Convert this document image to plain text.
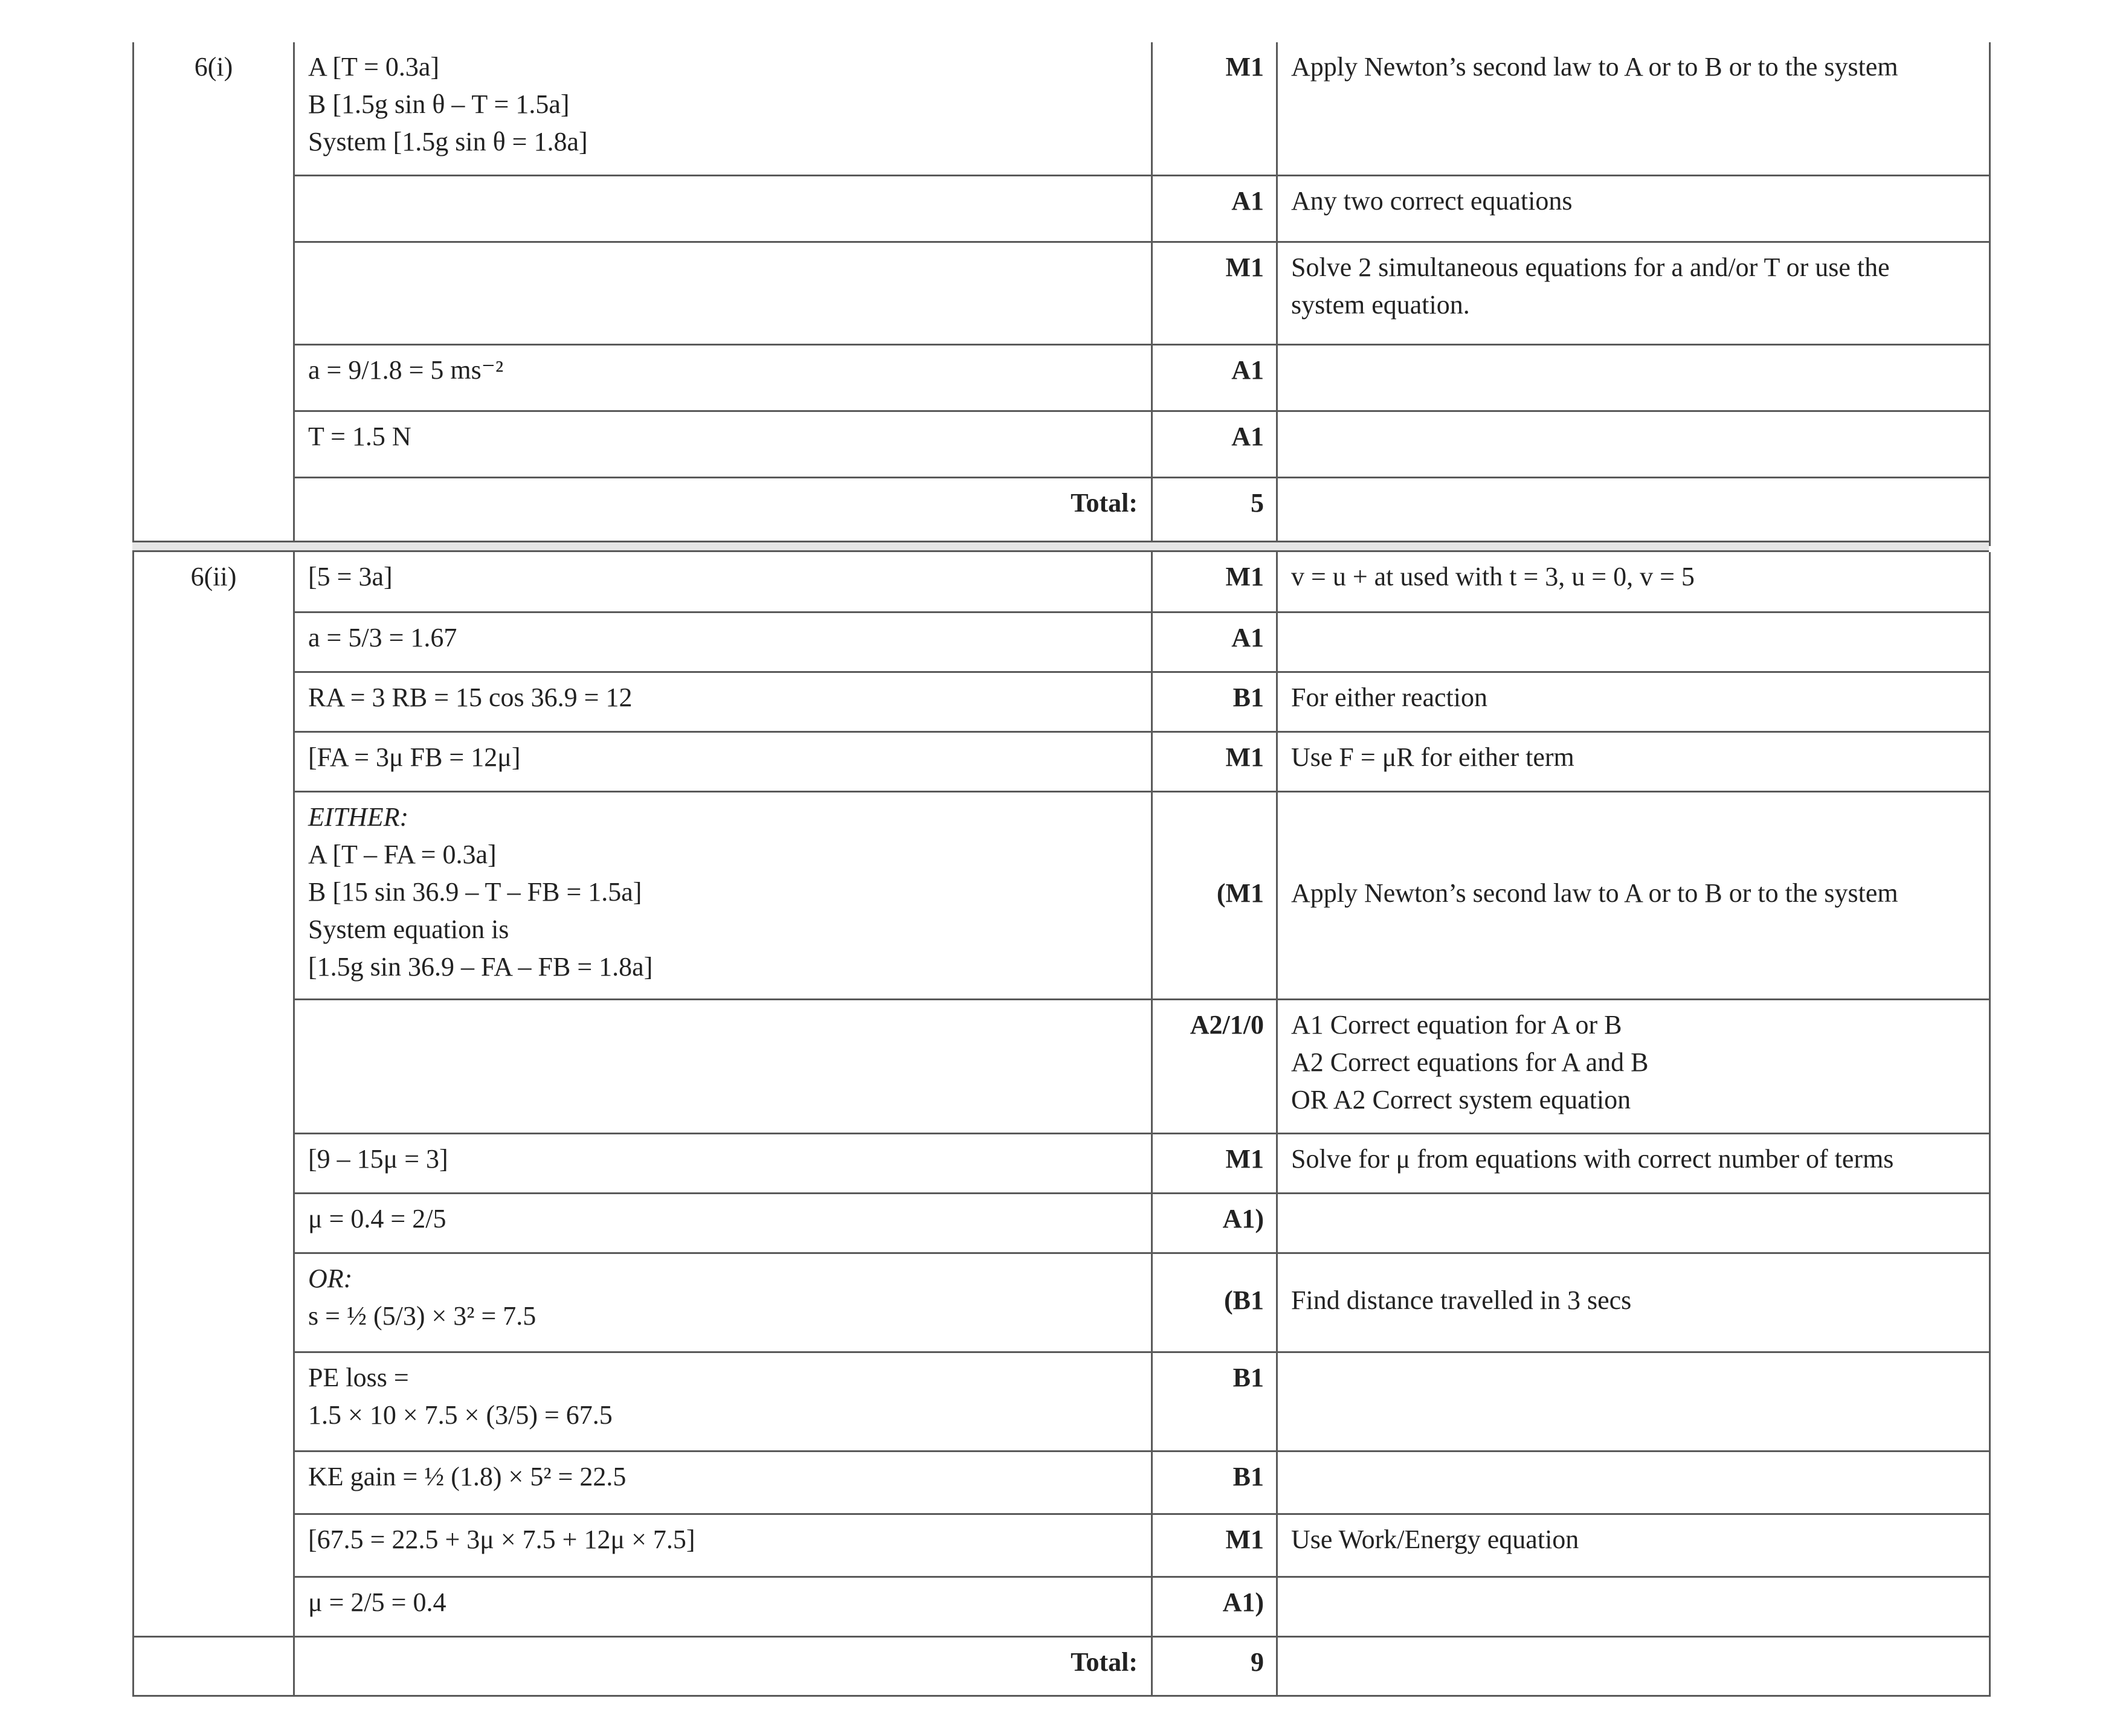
6(i)	A [T = 0.3a]
B [1.5g sin θ – T = 1.5a]
System [1.5g sin θ = 1.8a]	M1	Apply Newton’s second law to A or to B or to the system

		A1	Any two correct equations

		M1	Solve 2 simultaneous equations for a and/or T or use the
system equation.

	a = 9/1.8 = 5 ms⁻²	A1	

	T = 1.5 N	A1	
	Total:	5	
6(ii)	[5 = 3a]	M1	v = u + at used with t = 3, u = 0, v = 5

	a = 5/3 = 1.67	A1	

	RA = 3 RB = 15 cos 36.9 = 12	B1	For either reaction

	[FA = 3μ FB = 12μ]	M1	Use F = μR for either term

	EITHER:
A [T – FA = 0.3a]
B [15 sin 36.9 – T – FB = 1.5a]
System equation is
[1.5g sin 36.9 – FA – FB = 1.8a]	(M1	Apply Newton’s second law to A or to B or to the system

		A2/1/0	A1 Correct equation for A or B
A2 Correct equations for A and B
OR A2 Correct system equation

	[9 – 15μ = 3]	M1	Solve for μ from equations with correct number of terms

	μ = 0.4 = 2/5	A1)	

	OR:
s = ½ (5/3) × 3² = 7.5	(B1	Find distance travelled in 3 secs

	PE loss =
1.5 × 10 × 7.5 × (3/5) = 67.5	B1	

	KE gain = ½ (1.8) × 5² = 22.5	B1	

	[67.5 = 22.5 + 3μ × 7.5 + 12μ × 7.5]	M1	Use Work/Energy equation

	μ = 2/5 = 0.4	A1)	
	Total:	9	
